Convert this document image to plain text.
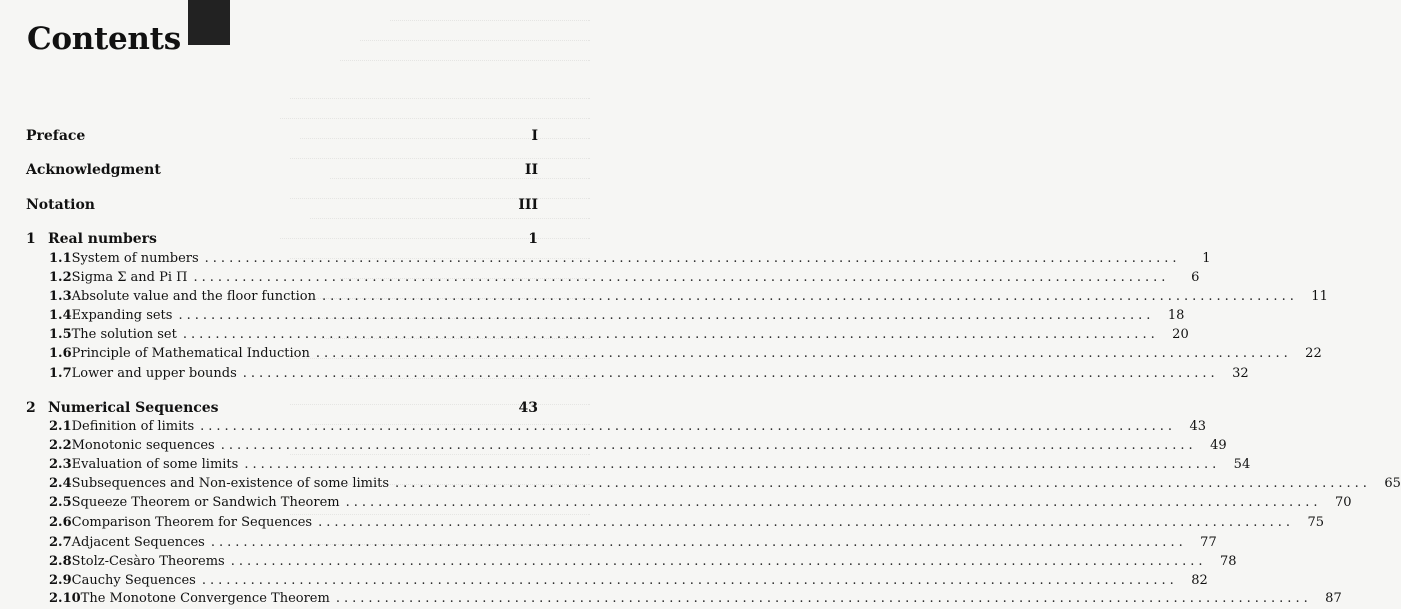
Contents
Preface	I
Acknowledgment	II
Notation	III
1 Real numbers	1
1.1 System of numbers ........................................................................................................................	1
1.2 Sigma Σ and Pi Π ........................................................................................................................	6
1.3 Absolute value and the floor function ........................................................................................................................	11
1.4 Expanding sets ........................................................................................................................	18
1.5 The solution set ........................................................................................................................	20
1.6 Principle of Mathematical Induction ........................................................................................................................	22
1.7 Lower and upper bounds ........................................................................................................................	32
2 Numerical Sequences	43
2.1 Definition of limits ........................................................................................................................	43
2.2 Monotonic sequences ........................................................................................................................	49
2.3 Evaluation of some limits ........................................................................................................................	54
2.4 Subsequences and Non-existence of some limits ........................................................................................................................	65
2.5 Squeeze Theorem or Sandwich Theorem ........................................................................................................................	70
2.6 Comparison Theorem for Sequences ........................................................................................................................	75
2.7 Adjacent Sequences ........................................................................................................................	77
2.8 Stolz-Cesàro Theorems ........................................................................................................................	78
2.9 Cauchy Sequences ........................................................................................................................	82
2.10 The Monotone Convergence Theorem ........................................................................................................................	87
